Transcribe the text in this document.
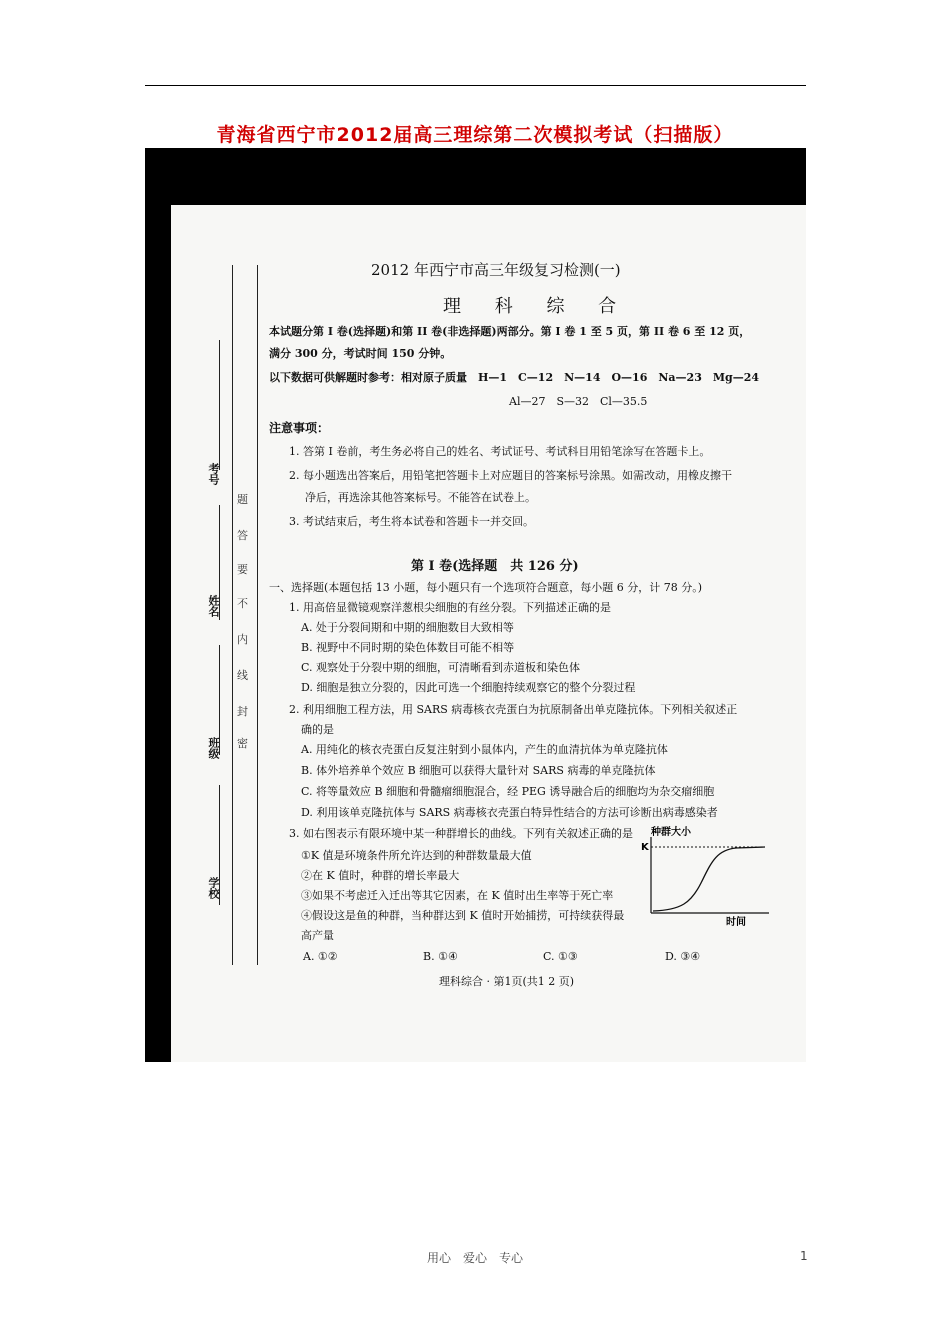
青海省西宁市2012届高三理综第二次模拟考试（扫描版）
考号
姓名
班级
学校
题
答
要
不
内
线
封
密
2012 年西宁市高三年级复习检测(一)
理 科 综 合
本试题分第 I 卷(选择题)和第 II 卷(非选择题)两部分。第 I 卷 1 至 5 页，第 II 卷 6 至 12 页，
满分 300 分，考试时间 150 分钟。
以下数据可供解题时参考：相对原子质量　H—1　C—12　N—14　O—16　Na—23　Mg—24
Al—27　S—32　Cl—35.5
注意事项：
1. 答第 I 卷前，考生务必将自己的姓名、考试证号、考试科目用铅笔涂写在答题卡上。
2. 每小题选出答案后，用铅笔把答题卡上对应题目的答案标号涂黑。如需改动，用橡皮擦干
净后，再选涂其他答案标号。不能答在试卷上。
3. 考试结束后，考生将本试卷和答题卡一并交回。
第 I 卷(选择题　共 126 分)
一、选择题(本题包括 13 小题，每小题只有一个选项符合题意，每小题 6 分，计 78 分。)
1. 用高倍显微镜观察洋葱根尖细胞的有丝分裂。下列描述正确的是
A. 处于分裂间期和中期的细胞数目大致相等
B. 视野中不同时期的染色体数目可能不相等
C. 观察处于分裂中期的细胞，可清晰看到赤道板和染色体
D. 细胞是独立分裂的，因此可选一个细胞持续观察它的整个分裂过程
2. 利用细胞工程方法，用 SARS 病毒核衣壳蛋白为抗原制备出单克隆抗体。下列相关叙述正
确的是
A. 用纯化的核衣壳蛋白反复注射到小鼠体内，产生的血清抗体为单克隆抗体
B. 体外培养单个效应 B 细胞可以获得大量针对 SARS 病毒的单克隆抗体
C. 将等量效应 B 细胞和骨髓瘤细胞混合，经 PEG 诱导融合后的细胞均为杂交瘤细胞
D. 利用该单克隆抗体与 SARS 病毒核衣壳蛋白特异性结合的方法可诊断出病毒感染者
3. 如右图表示有限环境中某一种群增长的曲线。下列有关叙述正确的是
①K 值是环境条件所允许达到的种群数量最大值
②在 K 值时，种群的增长率最大
③如果不考虑迁入迁出等其它因素，在 K 值时出生率等于死亡率
④假设这是鱼的种群，当种群达到 K 值时开始捕捞，可持续获得最
高产量
A. ①②	B. ①④	C. ①③	D. ③④
理科综合 · 第1页(共1 2 页)
种群大小
K
时间
用心　爱心　专心	1
